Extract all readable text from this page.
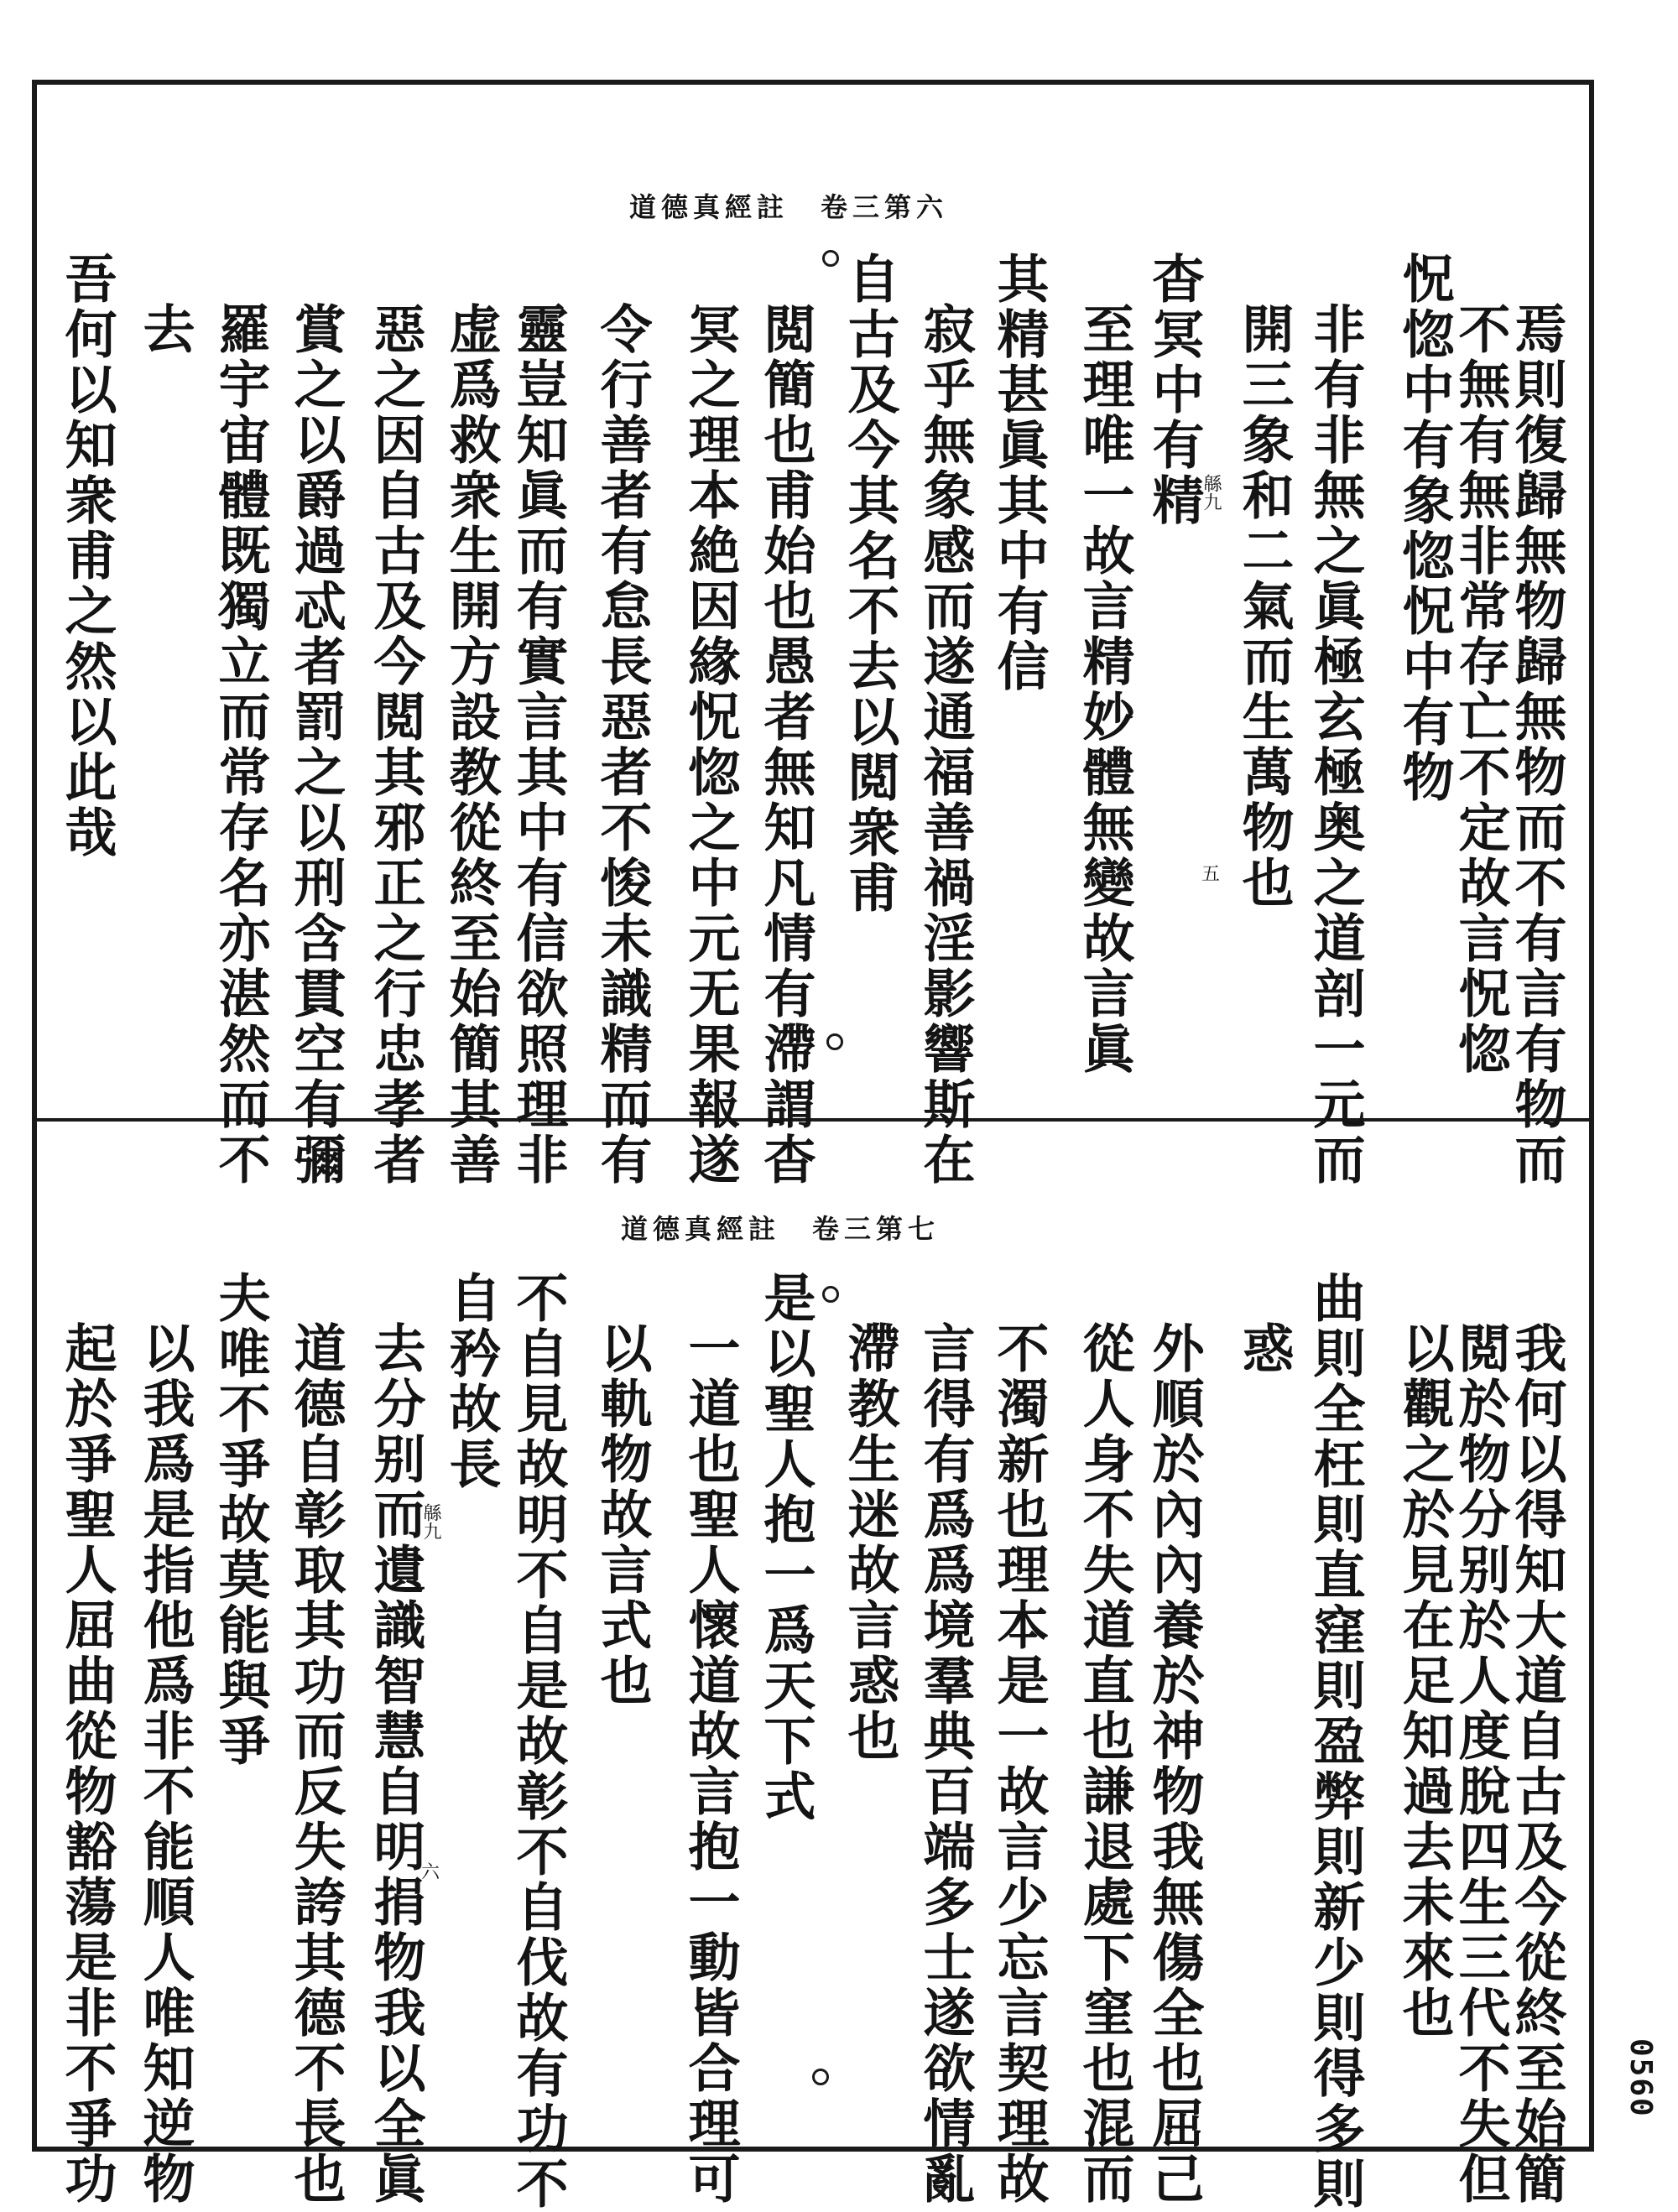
道德真經註　卷三第六
焉則復歸無物歸無物而不有言有物而
不無有無非常存亡不定故言怳惚
怳惚中有象惚怳中有物
非有非無之眞極玄極奥之道剖一元而
開三象和二氣而生萬物也
杳冥中有精
至理唯一故言精妙體無變故言眞
其精甚眞其中有信
寂乎無象感而遂通福善禍淫影響斯在
自古及今其名不去以閲衆甫
閲簡也甫始也愚者無知凡情有滯謂杳
冥之理本絶因緣怳惚之中元无果報遂
令行善者有怠長惡者不悛未識精而有
靈豈知眞而有實言其中有信欲照理非
虚爲救衆生開方設教從終至始簡其善
惡之因自古及今閲其邪正之行忠孝者
賞之以爵過忒者罰之以刑含貫空有彌
羅宇宙體既獨立而常存名亦湛然而不
去
吾何以知衆甫之然以此哉	緜九
五
道德真經註　卷三第七
我何以得知大道自古及今從終至始簡
閲於物分别於人度脫四生三代不失但
以觀之於見在足知過去未來也
曲則全枉則直窪則盈弊則新少則得多則
惑
外順於內內養於神物我無傷全也屈己
從人身不失道直也謙退處下窐也混而
不濁新也理本是一故言少忘言契理故
言得有爲爲境羣典百端多士遂欲情亂
滯教生迷故言惑也
是以聖人抱一爲天下式
一道也聖人懷道故言抱一動皆合理可
以軌物故言式也
不自見故明不自是故彰不自伐故有功不
自矜故長
去分别而遺識智慧自明捐物我以全眞
道德自彰取其功而反失誇其德不長也
夫唯不爭故莫能與爭
以我爲是指他爲非不能順人唯知逆物
起於爭聖人屈曲從物豁蕩是非不爭功	緜九
六
0560
